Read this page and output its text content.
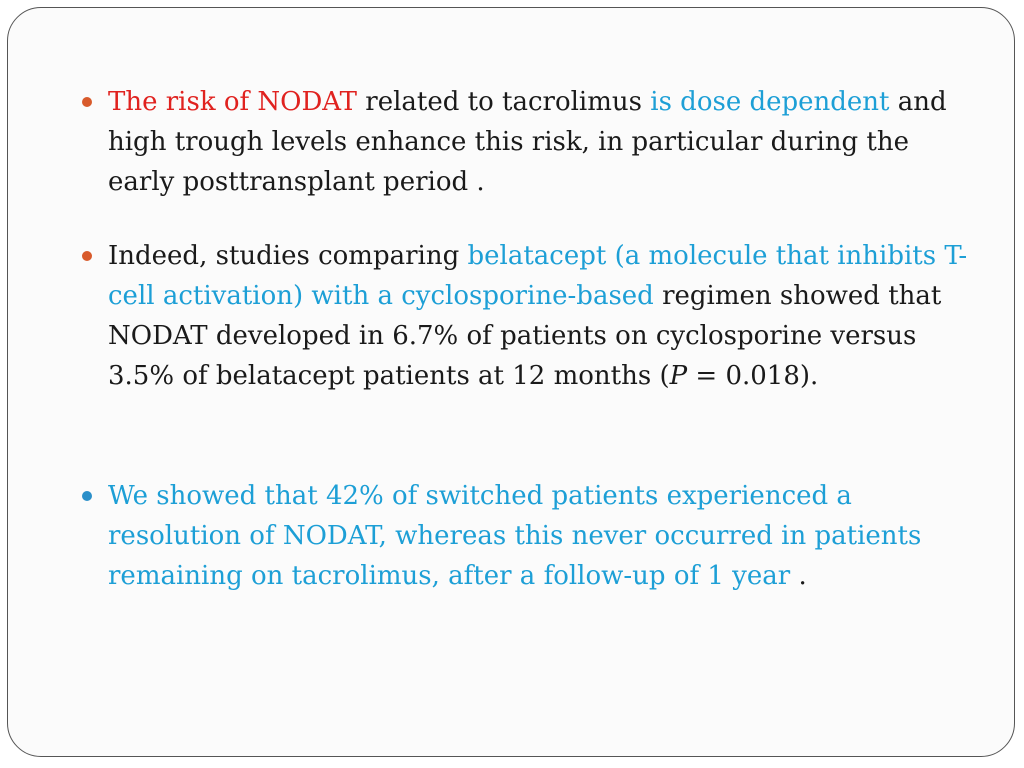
The risk of NODAT related to tacrolimus is dose dependent and high trough levels enhance this risk, in particular during the early posttransplant period .
Indeed, studies comparing belatacept (a molecule that inhibits T-cell activation) with a cyclosporine-based regimen showed that NODAT developed in 6.7% of patients on cyclosporine versus 3.5% of belatacept patients at 12 months (P = 0.018).
We showed that 42% of switched patients experienced a resolution of NODAT, whereas this never occurred in patients remaining on tacrolimus, after a follow-up of 1 year .
